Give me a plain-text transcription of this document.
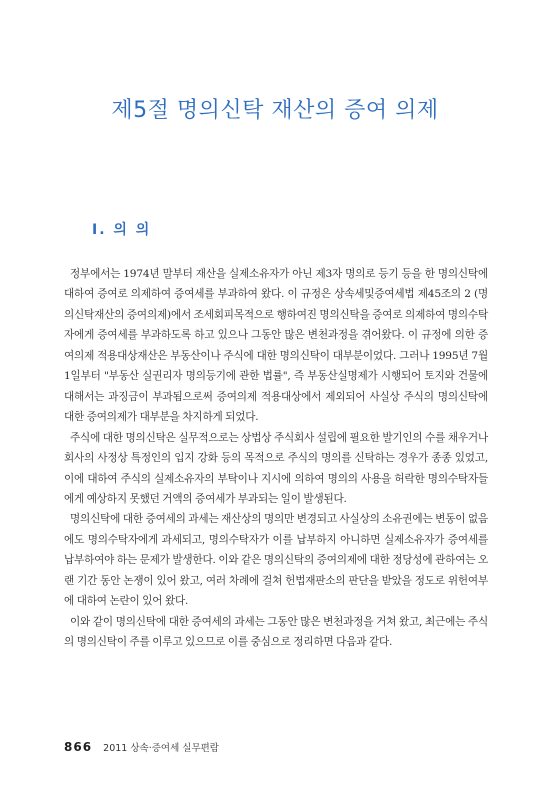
제5절 명의신탁 재산의 증여 의제
Ⅰ. 의 의

정부에서는 1974년 말부터 재산을 실제소유자가 아닌 제3자 명의로 등기 등을 한 명의신탁에 대하여 증여로 의제하여 증여세를 부과하여 왔다. 이 규정은 상속세및증여세법 제45조의 2 (명의신탁재산의 증여의제)에서 조세회피목적으로 행하여진 명의신탁을 증여로 의제하여 명의수탁자에게 증여세를 부과하도록 하고 있으나 그동안 많은 변천과정을 겪어왔다. 이 규정에 의한 증여의제 적용대상재산은 부동산이나 주식에 대한 명의신탁이 대부분이었다. 그러나 1995년 7월 1일부터 "부동산 실권리자 명의등기에 관한 법률", 즉 부동산실명제가 시행되어 토지와 건물에 대해서는 과징금이 부과됨으로써 증여의제 적용대상에서 제외되어 사실상 주식의 명의신탁에 대한 증여의제가 대부분을 차지하게 되었다.

주식에 대한 명의신탁은 실무적으로는 상법상 주식회사 설립에 필요한 발기인의 수를 채우거나 회사의 사정상 특정인의 입지 강화 등의 목적으로 주식의 명의를 신탁하는 경우가 종종 있었고, 이에 대하여 주식의 실제소유자의 부탁이나 지시에 의하여 명의의 사용을 허락한 명의수탁자들에게 예상하지 못했던 거액의 증여세가 부과되는 일이 발생된다.

명의신탁에 대한 증여세의 과세는 재산상의 명의만 변경되고 사실상의 소유권에는 변동이 없음에도 명의수탁자에게 과세되고, 명의수탁자가 이를 납부하지 아니하면 실제소유자가 증여세를 납부하여야 하는 문제가 발생한다. 이와 같은 명의신탁의 증여의제에 대한 정당성에 관하여는 오랜 기간 동안 논쟁이 있어 왔고, 여러 차례에 걸쳐 헌법재판소의 판단을 받았을 정도로 위헌여부에 대하여 논란이 있어 왔다.

이와 같이 명의신탁에 대한 증여세의 과세는 그동안 많은 변천과정을 거쳐 왔고, 최근에는 주식의 명의신탁이 주를 이루고 있으므로 이를 중심으로 정리하면 다음과 같다.

866 2011 상속·증여세 실무편람
